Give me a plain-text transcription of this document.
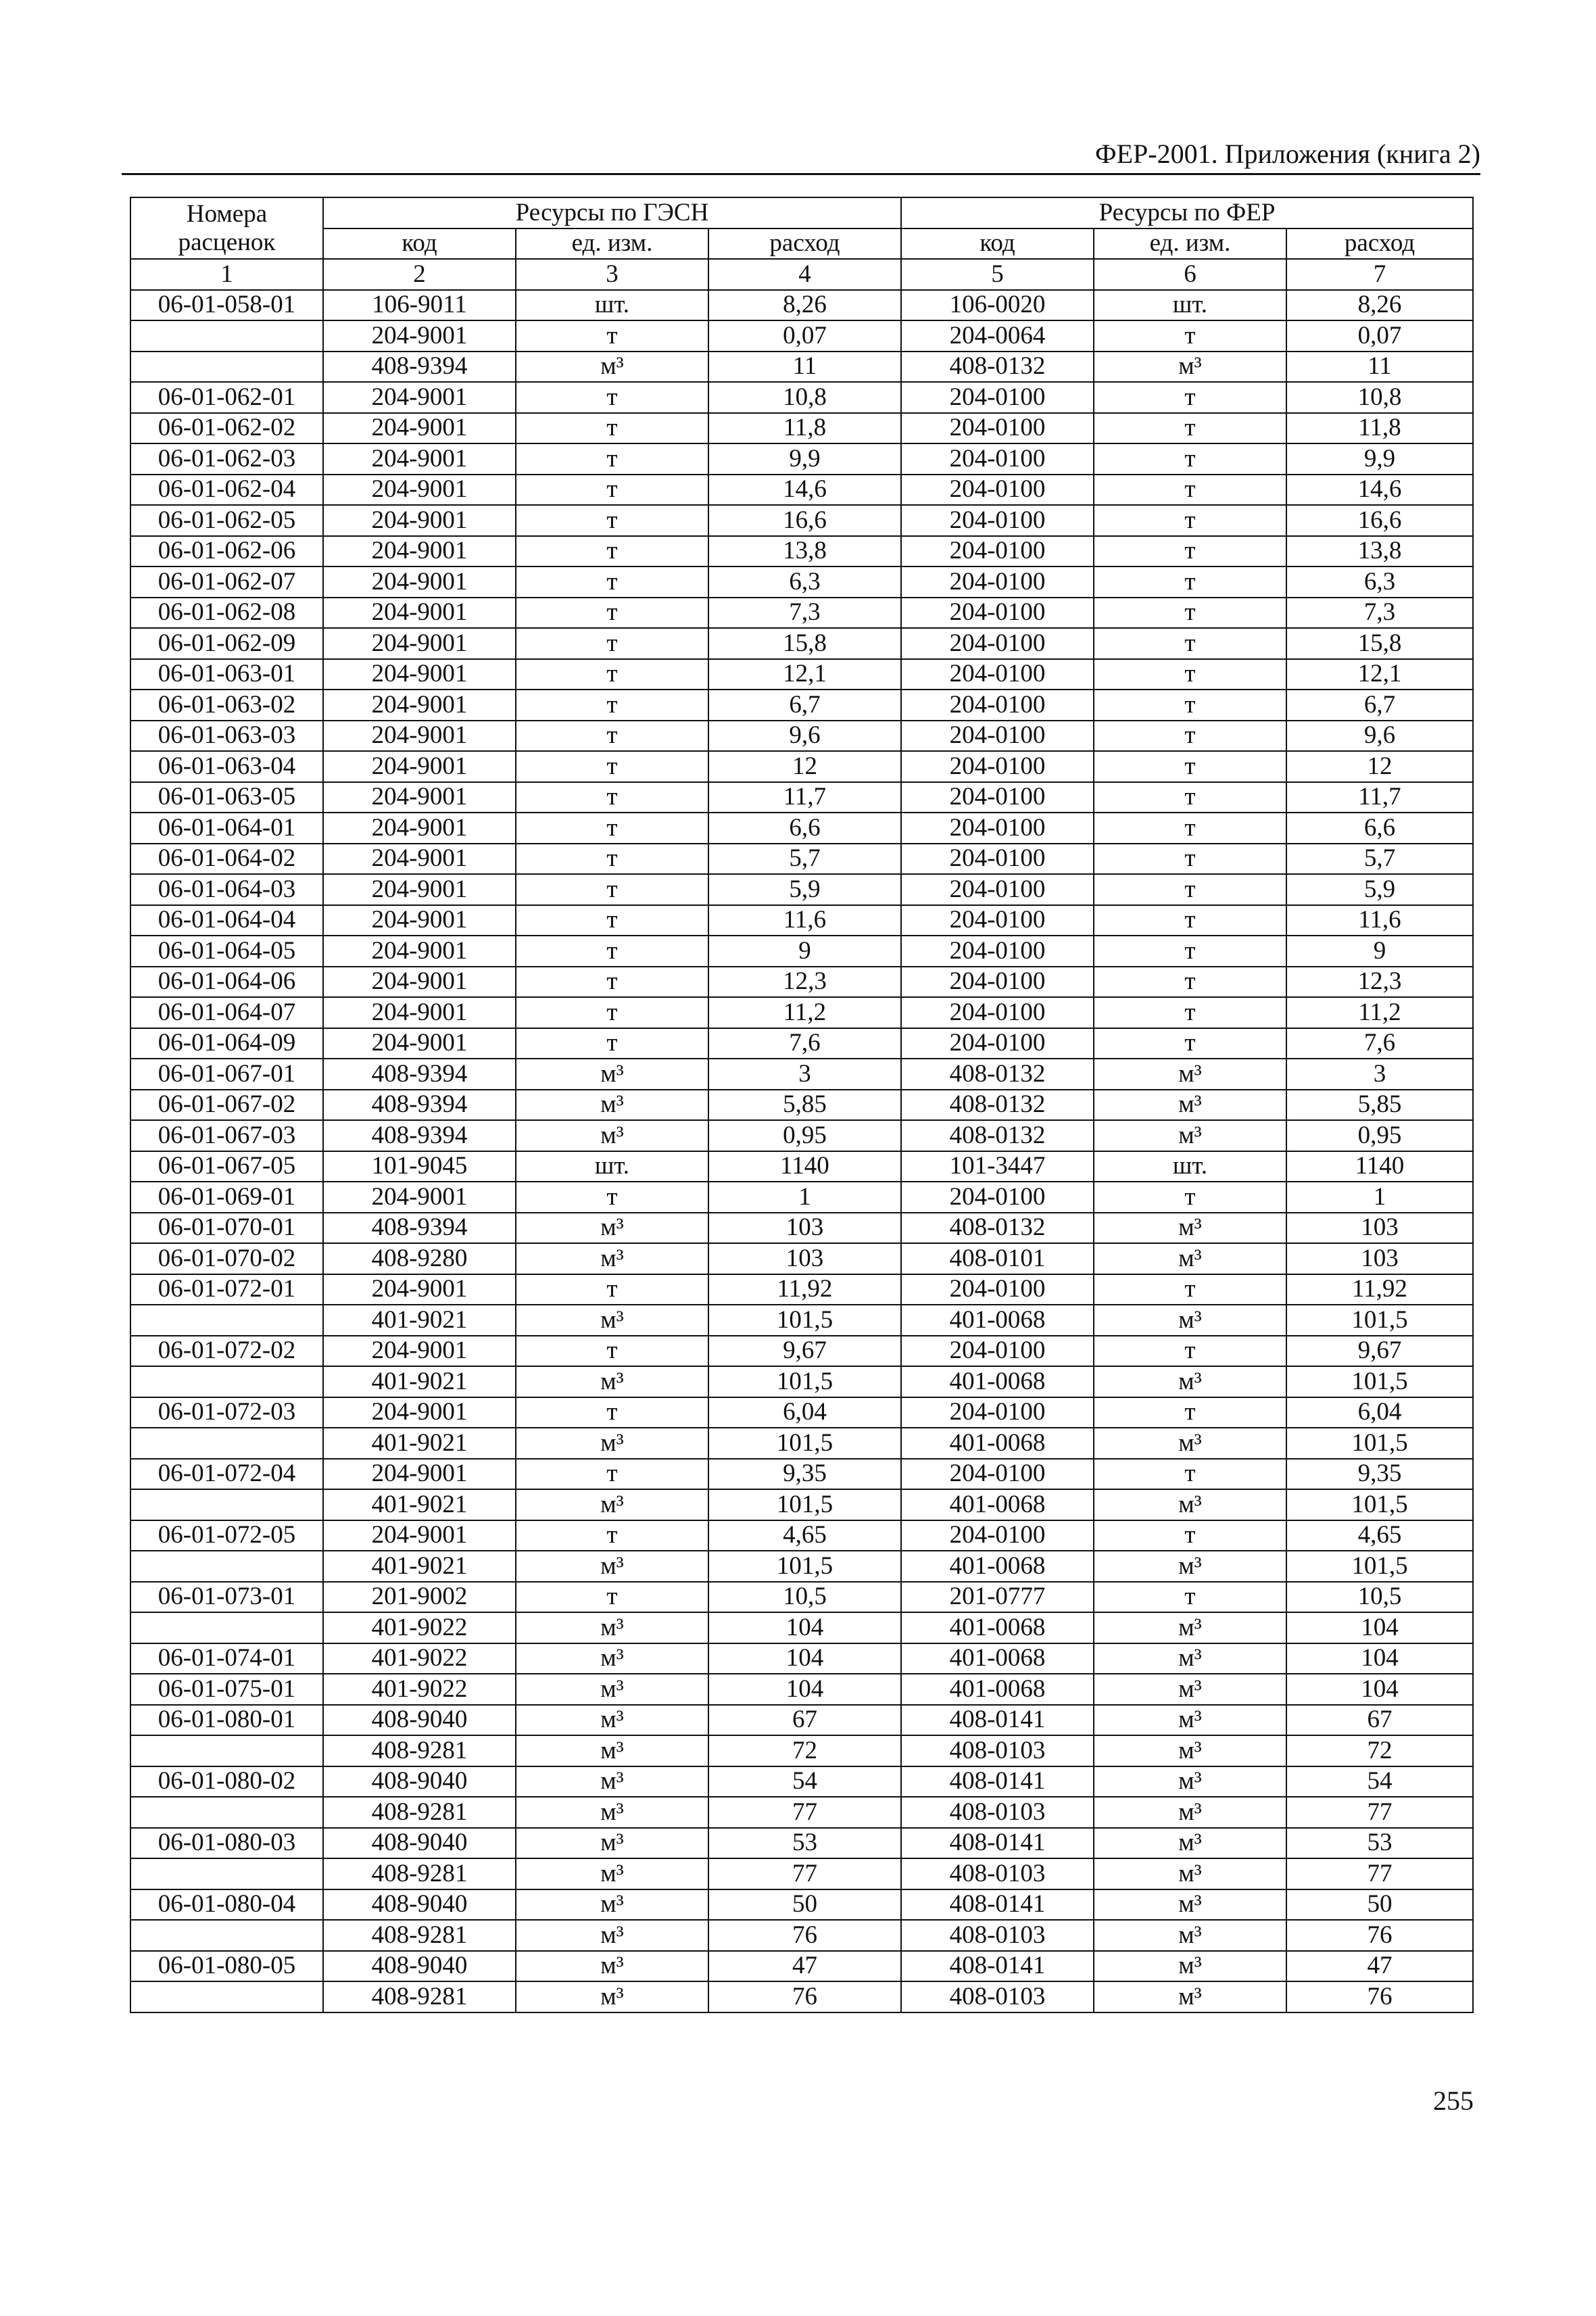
ФЕР-2001. Приложения (книга 2)
Номера расценок	Ресурсы по ГЭСН			Ресурсы по ФЕР		
	код	ед. изм.	расход	код	ед. изм.	расход
1	2	3	4	5	6	7
06-01-058-01	106-9011	шт.	8,26	106-0020	шт.	8,26
	204-9001	т	0,07	204-0064	т	0,07
	408-9394	м³	11	408-0132	м³	11
06-01-062-01	204-9001	т	10,8	204-0100	т	10,8
06-01-062-02	204-9001	т	11,8	204-0100	т	11,8
06-01-062-03	204-9001	т	9,9	204-0100	т	9,9
06-01-062-04	204-9001	т	14,6	204-0100	т	14,6
06-01-062-05	204-9001	т	16,6	204-0100	т	16,6
06-01-062-06	204-9001	т	13,8	204-0100	т	13,8
06-01-062-07	204-9001	т	6,3	204-0100	т	6,3
06-01-062-08	204-9001	т	7,3	204-0100	т	7,3
06-01-062-09	204-9001	т	15,8	204-0100	т	15,8
06-01-063-01	204-9001	т	12,1	204-0100	т	12,1
06-01-063-02	204-9001	т	6,7	204-0100	т	6,7
06-01-063-03	204-9001	т	9,6	204-0100	т	9,6
06-01-063-04	204-9001	т	12	204-0100	т	12
06-01-063-05	204-9001	т	11,7	204-0100	т	11,7
06-01-064-01	204-9001	т	6,6	204-0100	т	6,6
06-01-064-02	204-9001	т	5,7	204-0100	т	5,7
06-01-064-03	204-9001	т	5,9	204-0100	т	5,9
06-01-064-04	204-9001	т	11,6	204-0100	т	11,6
06-01-064-05	204-9001	т	9	204-0100	т	9
06-01-064-06	204-9001	т	12,3	204-0100	т	12,3
06-01-064-07	204-9001	т	11,2	204-0100	т	11,2
06-01-064-09	204-9001	т	7,6	204-0100	т	7,6
06-01-067-01	408-9394	м³	3	408-0132	м³	3
06-01-067-02	408-9394	м³	5,85	408-0132	м³	5,85
06-01-067-03	408-9394	м³	0,95	408-0132	м³	0,95
06-01-067-05	101-9045	шт.	1140	101-3447	шт.	1140
06-01-069-01	204-9001	т	1	204-0100	т	1
06-01-070-01	408-9394	м³	103	408-0132	м³	103
06-01-070-02	408-9280	м³	103	408-0101	м³	103
06-01-072-01	204-9001	т	11,92	204-0100	т	11,92
	401-9021	м³	101,5	401-0068	м³	101,5
06-01-072-02	204-9001	т	9,67	204-0100	т	9,67
	401-9021	м³	101,5	401-0068	м³	101,5
06-01-072-03	204-9001	т	6,04	204-0100	т	6,04
	401-9021	м³	101,5	401-0068	м³	101,5
06-01-072-04	204-9001	т	9,35	204-0100	т	9,35
	401-9021	м³	101,5	401-0068	м³	101,5
06-01-072-05	204-9001	т	4,65	204-0100	т	4,65
	401-9021	м³	101,5	401-0068	м³	101,5
06-01-073-01	201-9002	т	10,5	201-0777	т	10,5
	401-9022	м³	104	401-0068	м³	104
06-01-074-01	401-9022	м³	104	401-0068	м³	104
06-01-075-01	401-9022	м³	104	401-0068	м³	104
06-01-080-01	408-9040	м³	67	408-0141	м³	67
	408-9281	м³	72	408-0103	м³	72
06-01-080-02	408-9040	м³	54	408-0141	м³	54
	408-9281	м³	77	408-0103	м³	77
06-01-080-03	408-9040	м³	53	408-0141	м³	53
	408-9281	м³	77	408-0103	м³	77
06-01-080-04	408-9040	м³	50	408-0141	м³	50
	408-9281	м³	76	408-0103	м³	76
06-01-080-05	408-9040	м³	47	408-0141	м³	47
	408-9281	м³	76	408-0103	м³	76
255
